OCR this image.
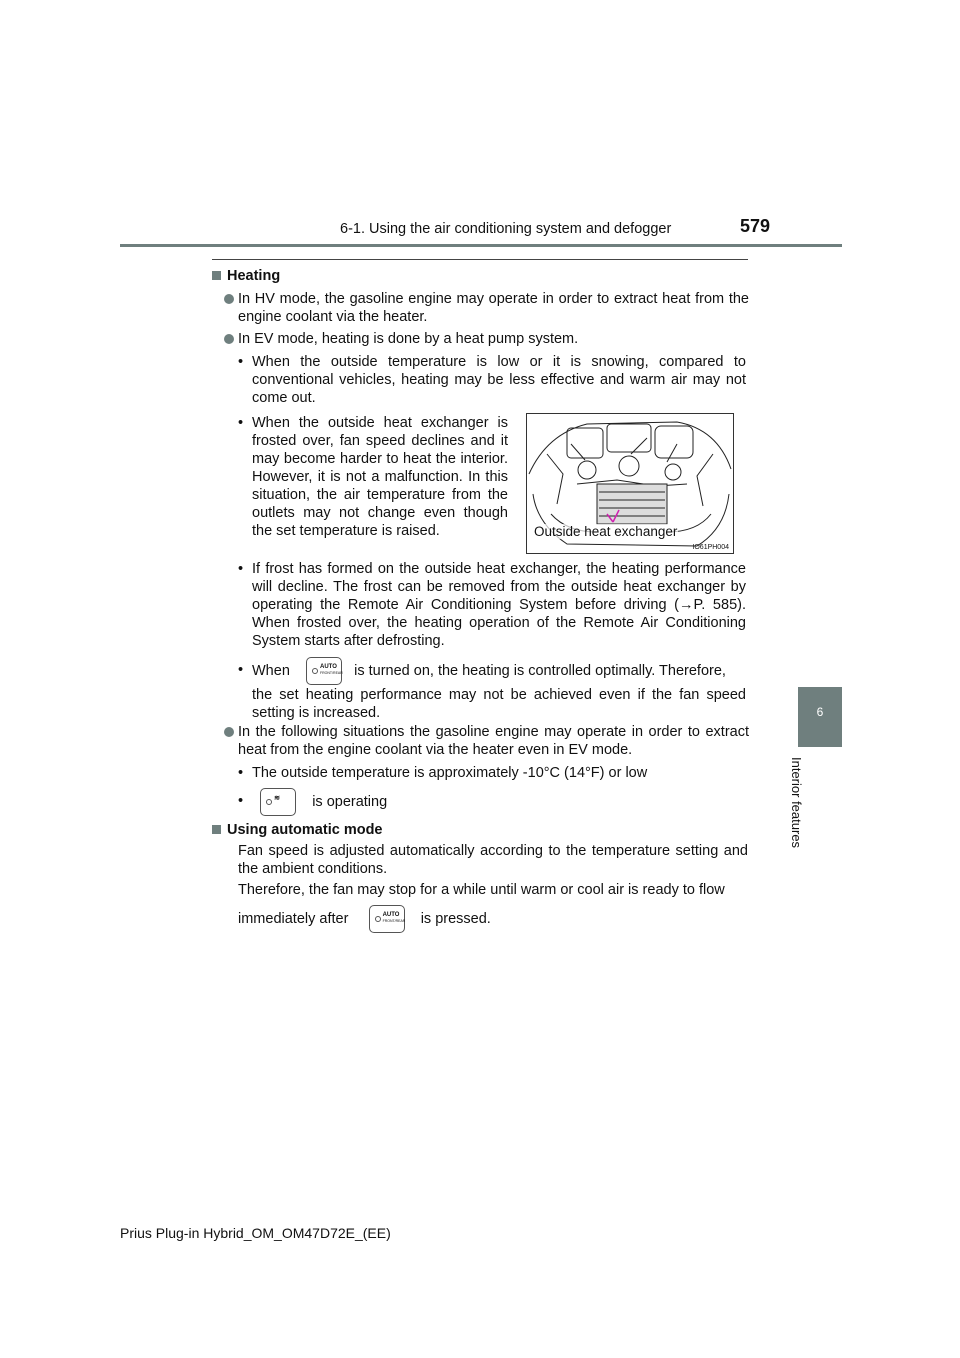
6-1. Using the air conditioning system and defogger	579
6
Interior features
Heating
In HV mode, the gasoline engine may operate in order to extract heat from the engine coolant via the heater.
In EV mode, heating is done by a heat pump system.
• When the outside temperature is low or it is snowing, compared to conventional vehicles, heating may be less effective and warm air may not come out.
• When the outside heat exchanger is frosted over, fan speed declines and it may become harder to heat the interior. However, it is not a malfunction. In this situation, the air temperature from the outlets may not change even though the set temperature is raised.	Outside heat exchanger
IO61PH004
• If frost has formed on the outside heat exchanger, the heating performance will decline. The frost can be removed from the outside heat exchanger by operating the Remote Air Conditioning System before driving (→P. 585). When frosted over, the heating operation of the Remote Air Conditioning System starts after defrosting.
• When	AUTO
FRONT/REAR is turned on, the heating is controlled optimally. Therefore,
the set heating performance may not be achieved even if the fan speed setting is increased.
In the following situations the gasoline engine may operate in order to extract heat from the engine coolant via the heater even in EV mode.
• The outside temperature is approximately -10°C (14°F) or low
•
	≋ is operating
Using automatic mode
Fan speed is adjusted automatically according to the temperature setting and the ambient conditions.
Therefore, the fan may stop for a while until warm or cool air is ready to flow
immediately after	AUTO
FRONT/REAR is pressed.
Prius Plug-in Hybrid_OM_OM47D72E_(EE)
